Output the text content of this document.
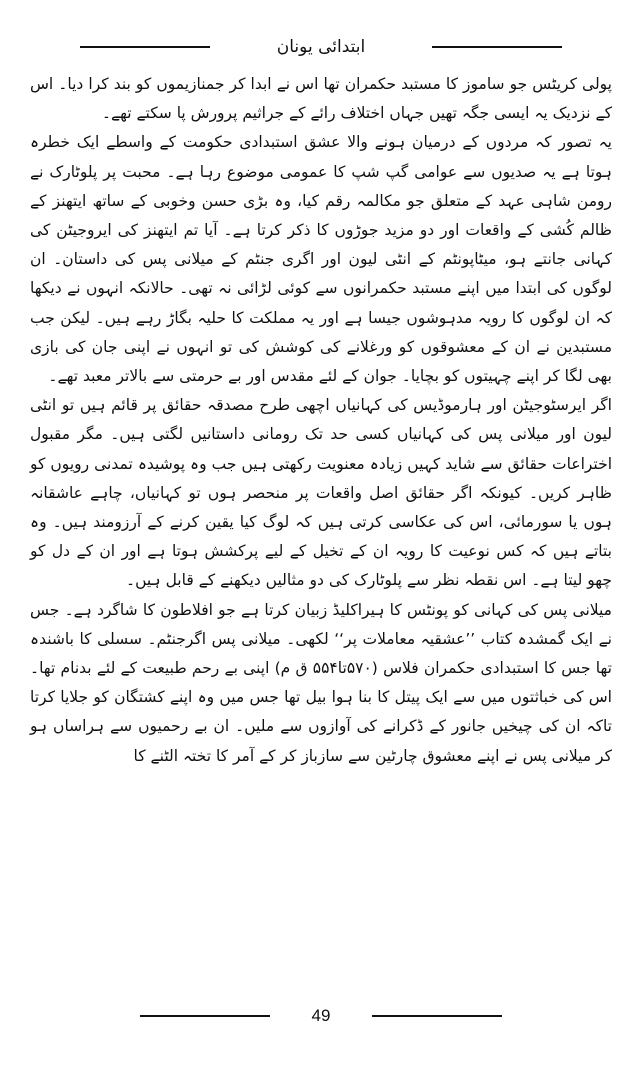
ابتدائی یونان

پولی کریٹس جو ساموز کا مستبد حکمران تھا اس نے ابدا کر جمنازیموں کو بند کرا دیا۔ اس کے نزدیک یہ ایسی جگہ تھیں جہاں اختلاف رائے کے جراثیم پرورش پا سکتے تھے۔

یہ تصور کہ مردوں کے درمیان ہونے والا عشق استبدادی حکومت کے واسطے ایک خطرہ ہوتا ہے یہ صدیوں سے عوامی گپ شپ کا عمومی موضوع رہا ہے۔ محبت پر پلوٹارک نے رومن شاہی عہد کے متعلق جو مکالمہ رقم کیا، وہ بڑی حسن وخوبی کے ساتھ ایتھنز کے ظالم کُشی کے واقعات اور دو مزید جوڑوں کا ذکر کرتا ہے۔ آیا تم ایتھنز کی ایروجیٹن کی کہانی جانتے ہو، میٹاپونٹم کے انٹی لیون اور اگری جنٹم کے میلانی پس کی داستان۔ ان لوگوں کی ابتدا میں اپنے مستبد حکمرانوں سے کوئی لڑائی نہ تھی۔ حالانکہ انہوں نے دیکھا کہ ان لوگوں کا رویہ مدہوشوں جیسا ہے اور یہ مملکت کا حلیہ بگاڑ رہے ہیں۔ لیکن جب مستبدین نے ان کے معشوقوں کو ورغلانے کی کوشش کی تو انہوں نے اپنی جان کی بازی بھی لگا کر اپنے چہیتوں کو بچایا۔ جوان کے لئے مقدس اور بے حرمتی سے بالاتر معبد تھے۔

اگر ایرسٹوجیٹن اور ہارموڈیس کی کہانیاں اچھی طرح مصدقہ حقائق پر قائم ہیں تو انٹی لیون اور میلانی پس کی کہانیاں کسی حد تک رومانی داستانیں لگتی ہیں۔ مگر مقبول اختراعات حقائق سے شاید کہیں زیادہ معنویت رکھتی ہیں جب وہ پوشیدہ تمدنی رویوں کو ظاہر کریں۔ کیونکہ اگر حقائق اصل واقعات پر منحصر ہوں تو کہانیاں، چاہے عاشقانہ ہوں یا سورمائی، اس کی عکاسی کرتی ہیں کہ لوگ کیا یقین کرنے کے آرزومند ہیں۔ وہ بتاتے ہیں کہ کس نوعیت کا رویہ ان کے تخیل کے لیے پرکشش ہوتا ہے اور ان کے دل کو چھو لیتا ہے۔ اس نقطہ نظر سے پلوٹارک کی دو مثالیں دیکھنے کے قابل ہیں۔

میلانی پس کی کہانی کو پونٹس کا ہیراکلیڈ زبیان کرتا ہے جو افلاطون کا شاگرد ہے۔ جس نے ایک گمشدہ کتاب ’’عشقیہ معاملات پر‘‘ لکھی۔ میلانی پس اگرجنٹم۔ سسلی کا باشندہ تھا جس کا استبدادی حکمران فلاس (۵۷۰تا۵۵۴ ق م) اپنی بے رحم طبیعت کے لئے بدنام تھا۔ اس کی خباثتوں میں سے ایک پیتل کا بنا ہوا بیل تھا جس میں وہ اپنے کشتگان کو جلایا کرتا تاکہ ان کی چیخیں جانور کے ڈکرانے کی آوازوں سے ملیں۔ ان بے رحمیوں سے ہراساں ہو کر میلانی پس نے اپنے معشوق چارٹین سے سازباز کر کے آمر کا تختہ الٹنے کا

49
